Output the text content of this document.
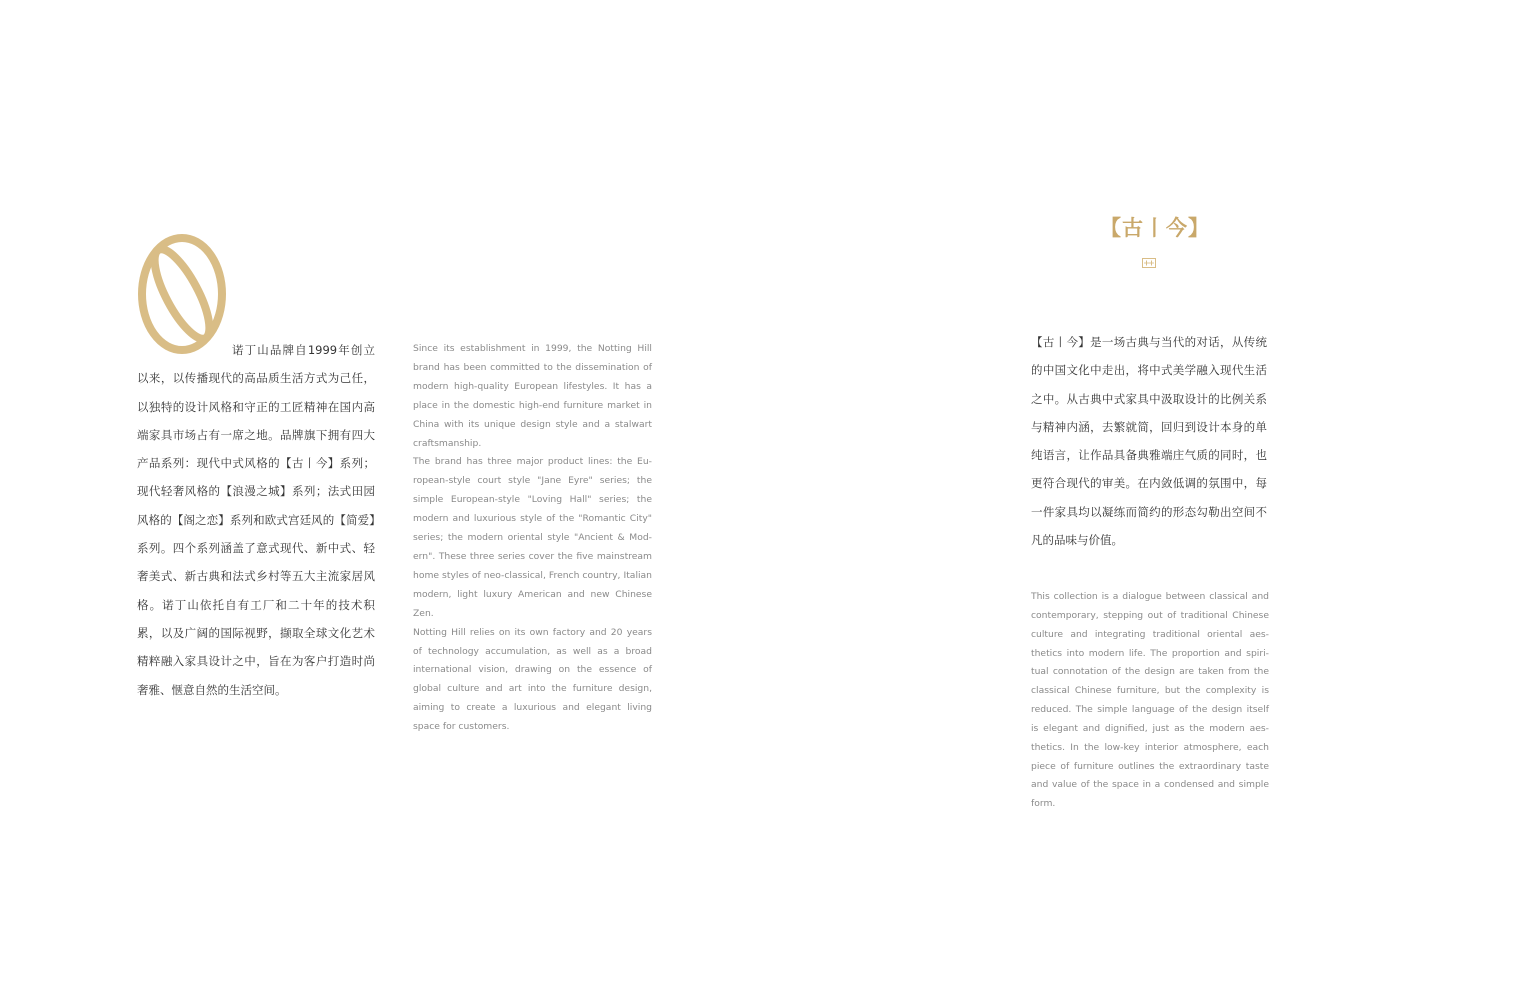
诺丁山品牌自1999年创立以来，以传播现代的高品质生活方式为己任，以独特的设计风格和守正的工匠精神在国内高端家具市场占有一席之地。品牌旗下拥有四大产品系列：现代中式风格的【古丨今】系列；现代轻奢风格的【浪漫之城】系列；法式田园风格的【阁之恋】系列和欧式宫廷风的【简爱】系列。四个系列涵盖了意式现代、新中式、轻奢美式、新古典和法式乡村等五大主流家居风格。诺丁山依托自有工厂和二十年的技术积累，以及广阔的国际视野，撷取全球文化艺术精粹融入家具设计之中，旨在为客户打造时尚奢雅、惬意自然的生活空间。

Since its establishment in 1999, the Notting Hill brand has been committed to the dissemination of modern high-quality European lifestyles. It has a place in the domestic high-end furniture market in China with its unique design style and a stalwart craftsmanship.

The brand has three major product lines: the European-style court style "Jane Eyre" series; the simple European-style "Loving Hall" series; the modern and luxurious style of the "Romantic City" series; the modern oriental style "Ancient & Modern". These three series cover the five mainstream home styles of neo-classical, French country, Italian modern, light luxury American and new Chinese Zen.

Notting Hill relies on its own factory and 20 years of technology accumulation, as well as a broad international vision, drawing on the essence of global culture and art into the furniture design, aiming to create a luxurious and elegant living space for customers.

【古丨今】

【古丨今】是一场古典与当代的对话，从传统的中国文化中走出，将中式美学融入现代生活之中。从古典中式家具中汲取设计的比例关系与精神内涵，去繁就简，回归到设计本身的单纯语言，让作品具备典雅端庄气质的同时，也更符合现代的审美。在内敛低调的氛围中，每一件家具均以凝练而简约的形态勾勒出空间不凡的品味与价值。

This collection is a dialogue between classical and contemporary, stepping out of traditional Chinese culture and integrating traditional oriental aesthetics into modern life. The proportion and spiritual connotation of the design are taken from the classical Chinese furniture, but the complexity is reduced. The simple language of the design itself is elegant and dignified, just as the modern aesthetics. In the low-key interior atmosphere, each piece of furniture outlines the extraordinary taste and value of the space in a condensed and simple form.
